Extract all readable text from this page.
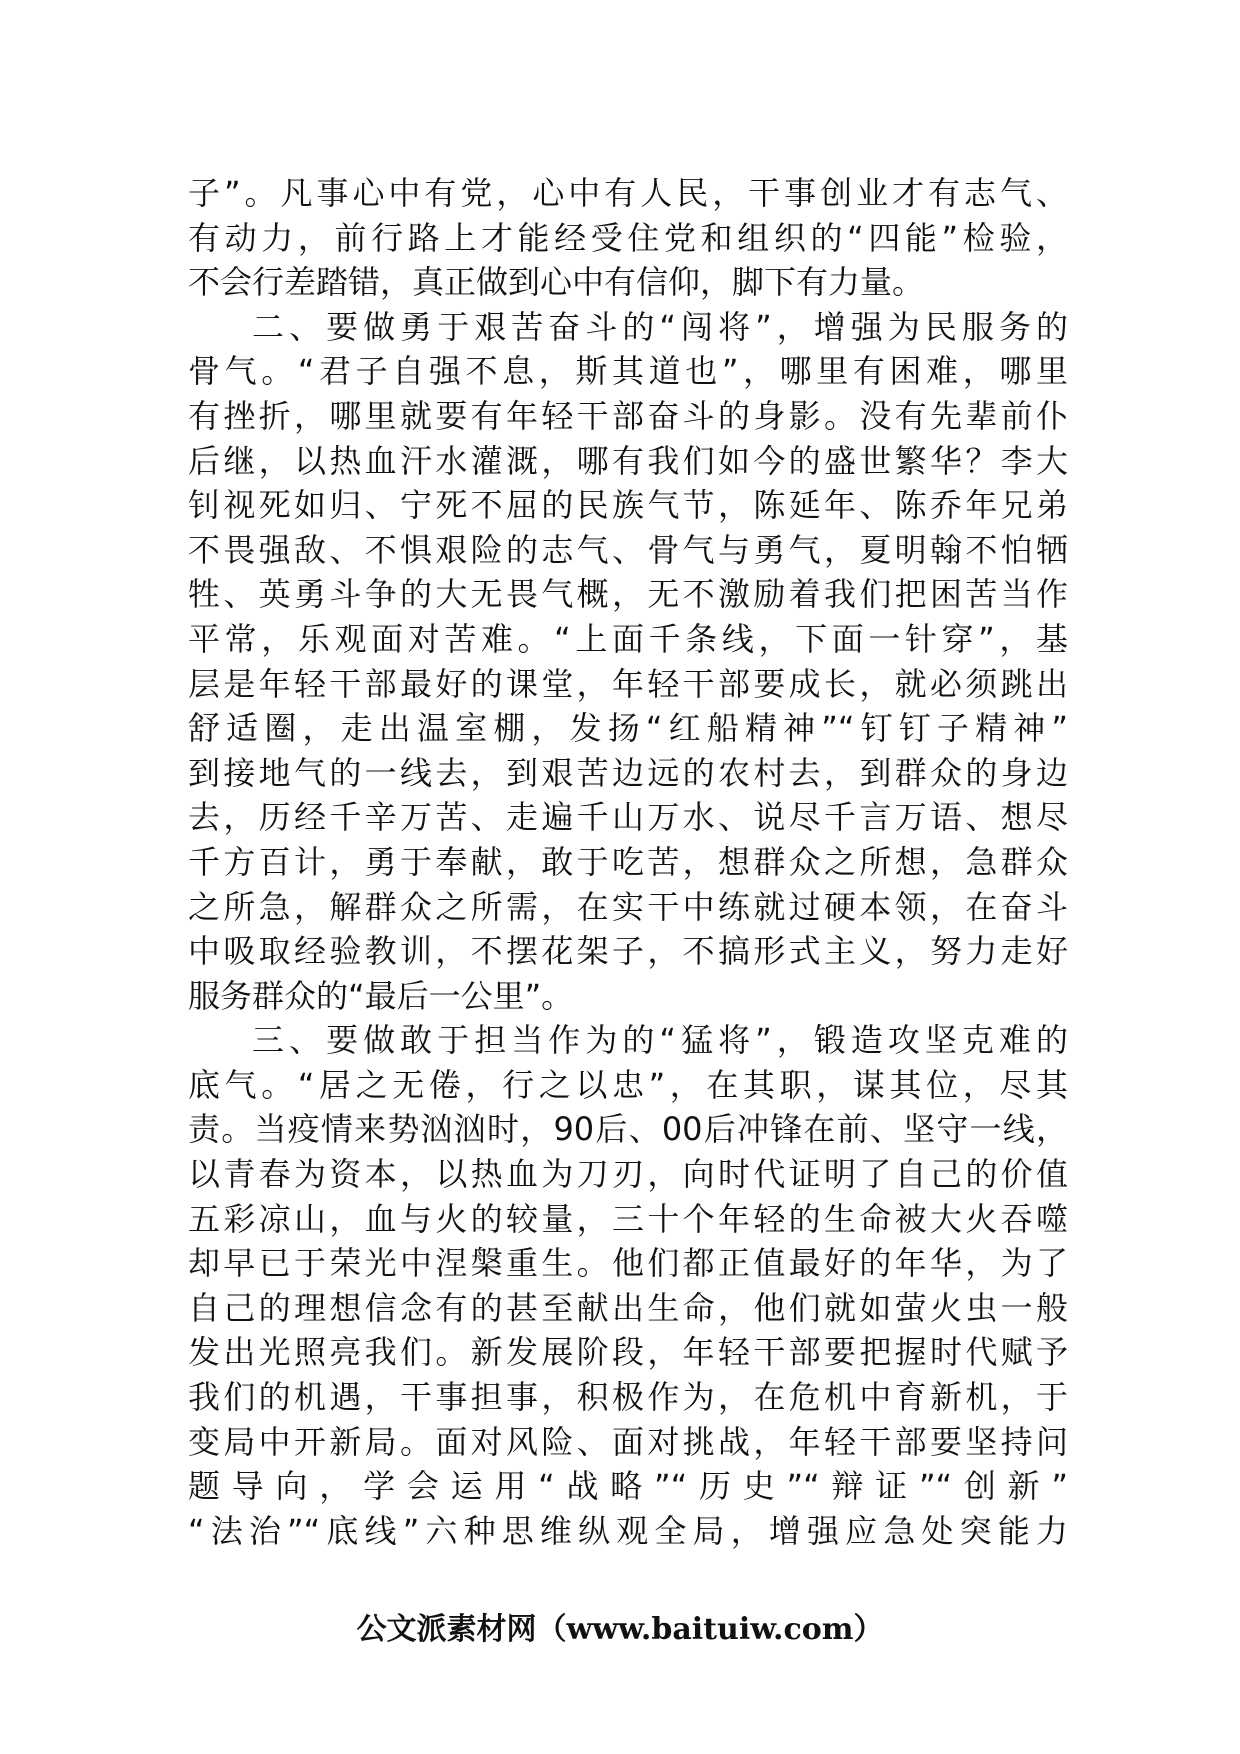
子”。凡事心中有党，心中有人民，干事创业才有志气、
有动力，前行路上才能经受住党和组织的“四能”检验，
不会行差踏错，真正做到心中有信仰，脚下有力量。
二、要做勇于艰苦奋斗的“闯将”，增强为民服务的
骨气。“君子自强不息，斯其道也”，哪里有困难，哪里
有挫折，哪里就要有年轻干部奋斗的身影。没有先辈前仆
后继，以热血汗水灌溉，哪有我们如今的盛世繁华？李大
钊视死如归、宁死不屈的民族气节，陈延年、陈乔年兄弟
不畏强敌、不惧艰险的志气、骨气与勇气，夏明翰不怕牺
牲、英勇斗争的大无畏气概，无不激励着我们把困苦当作
平常，乐观面对苦难。“上面千条线，下面一针穿”，基
层是年轻干部最好的课堂，年轻干部要成长，就必须跳出
舒适圈，走出温室棚，发扬“红船精神”“钉钉子精神”
到接地气的一线去，到艰苦边远的农村去，到群众的身边
去，历经千辛万苦、走遍千山万水、说尽千言万语、想尽
千方百计，勇于奉献，敢于吃苦，想群众之所想，急群众
之所急，解群众之所需，在实干中练就过硬本领，在奋斗
中吸取经验教训，不摆花架子，不搞形式主义，努力走好
服务群众的“最后一公里”。
三、要做敢于担当作为的“猛将”，锻造攻坚克难的
底气。“居之无倦，行之以忠”，在其职，谋其位，尽其
责。当疫情来势汹汹时，90后、00后冲锋在前、坚守一线，
以青春为资本，以热血为刀刃，向时代证明了自己的价值
五彩凉山，血与火的较量，三十个年轻的生命被大火吞噬
却早已于荣光中涅槃重生。他们都正值最好的年华，为了
自己的理想信念有的甚至献出生命，他们就如萤火虫一般
发出光照亮我们。新发展阶段，年轻干部要把握时代赋予
我们的机遇，干事担事，积极作为，在危机中育新机，于
变局中开新局。面对风险、面对挑战，年轻干部要坚持问
题导向，学会运用“战略”“历史”“辩证”“创新”
“法治”“底线”六种思维纵观全局，增强应急处突能力
公文派素材网（www.baituiw.com）
